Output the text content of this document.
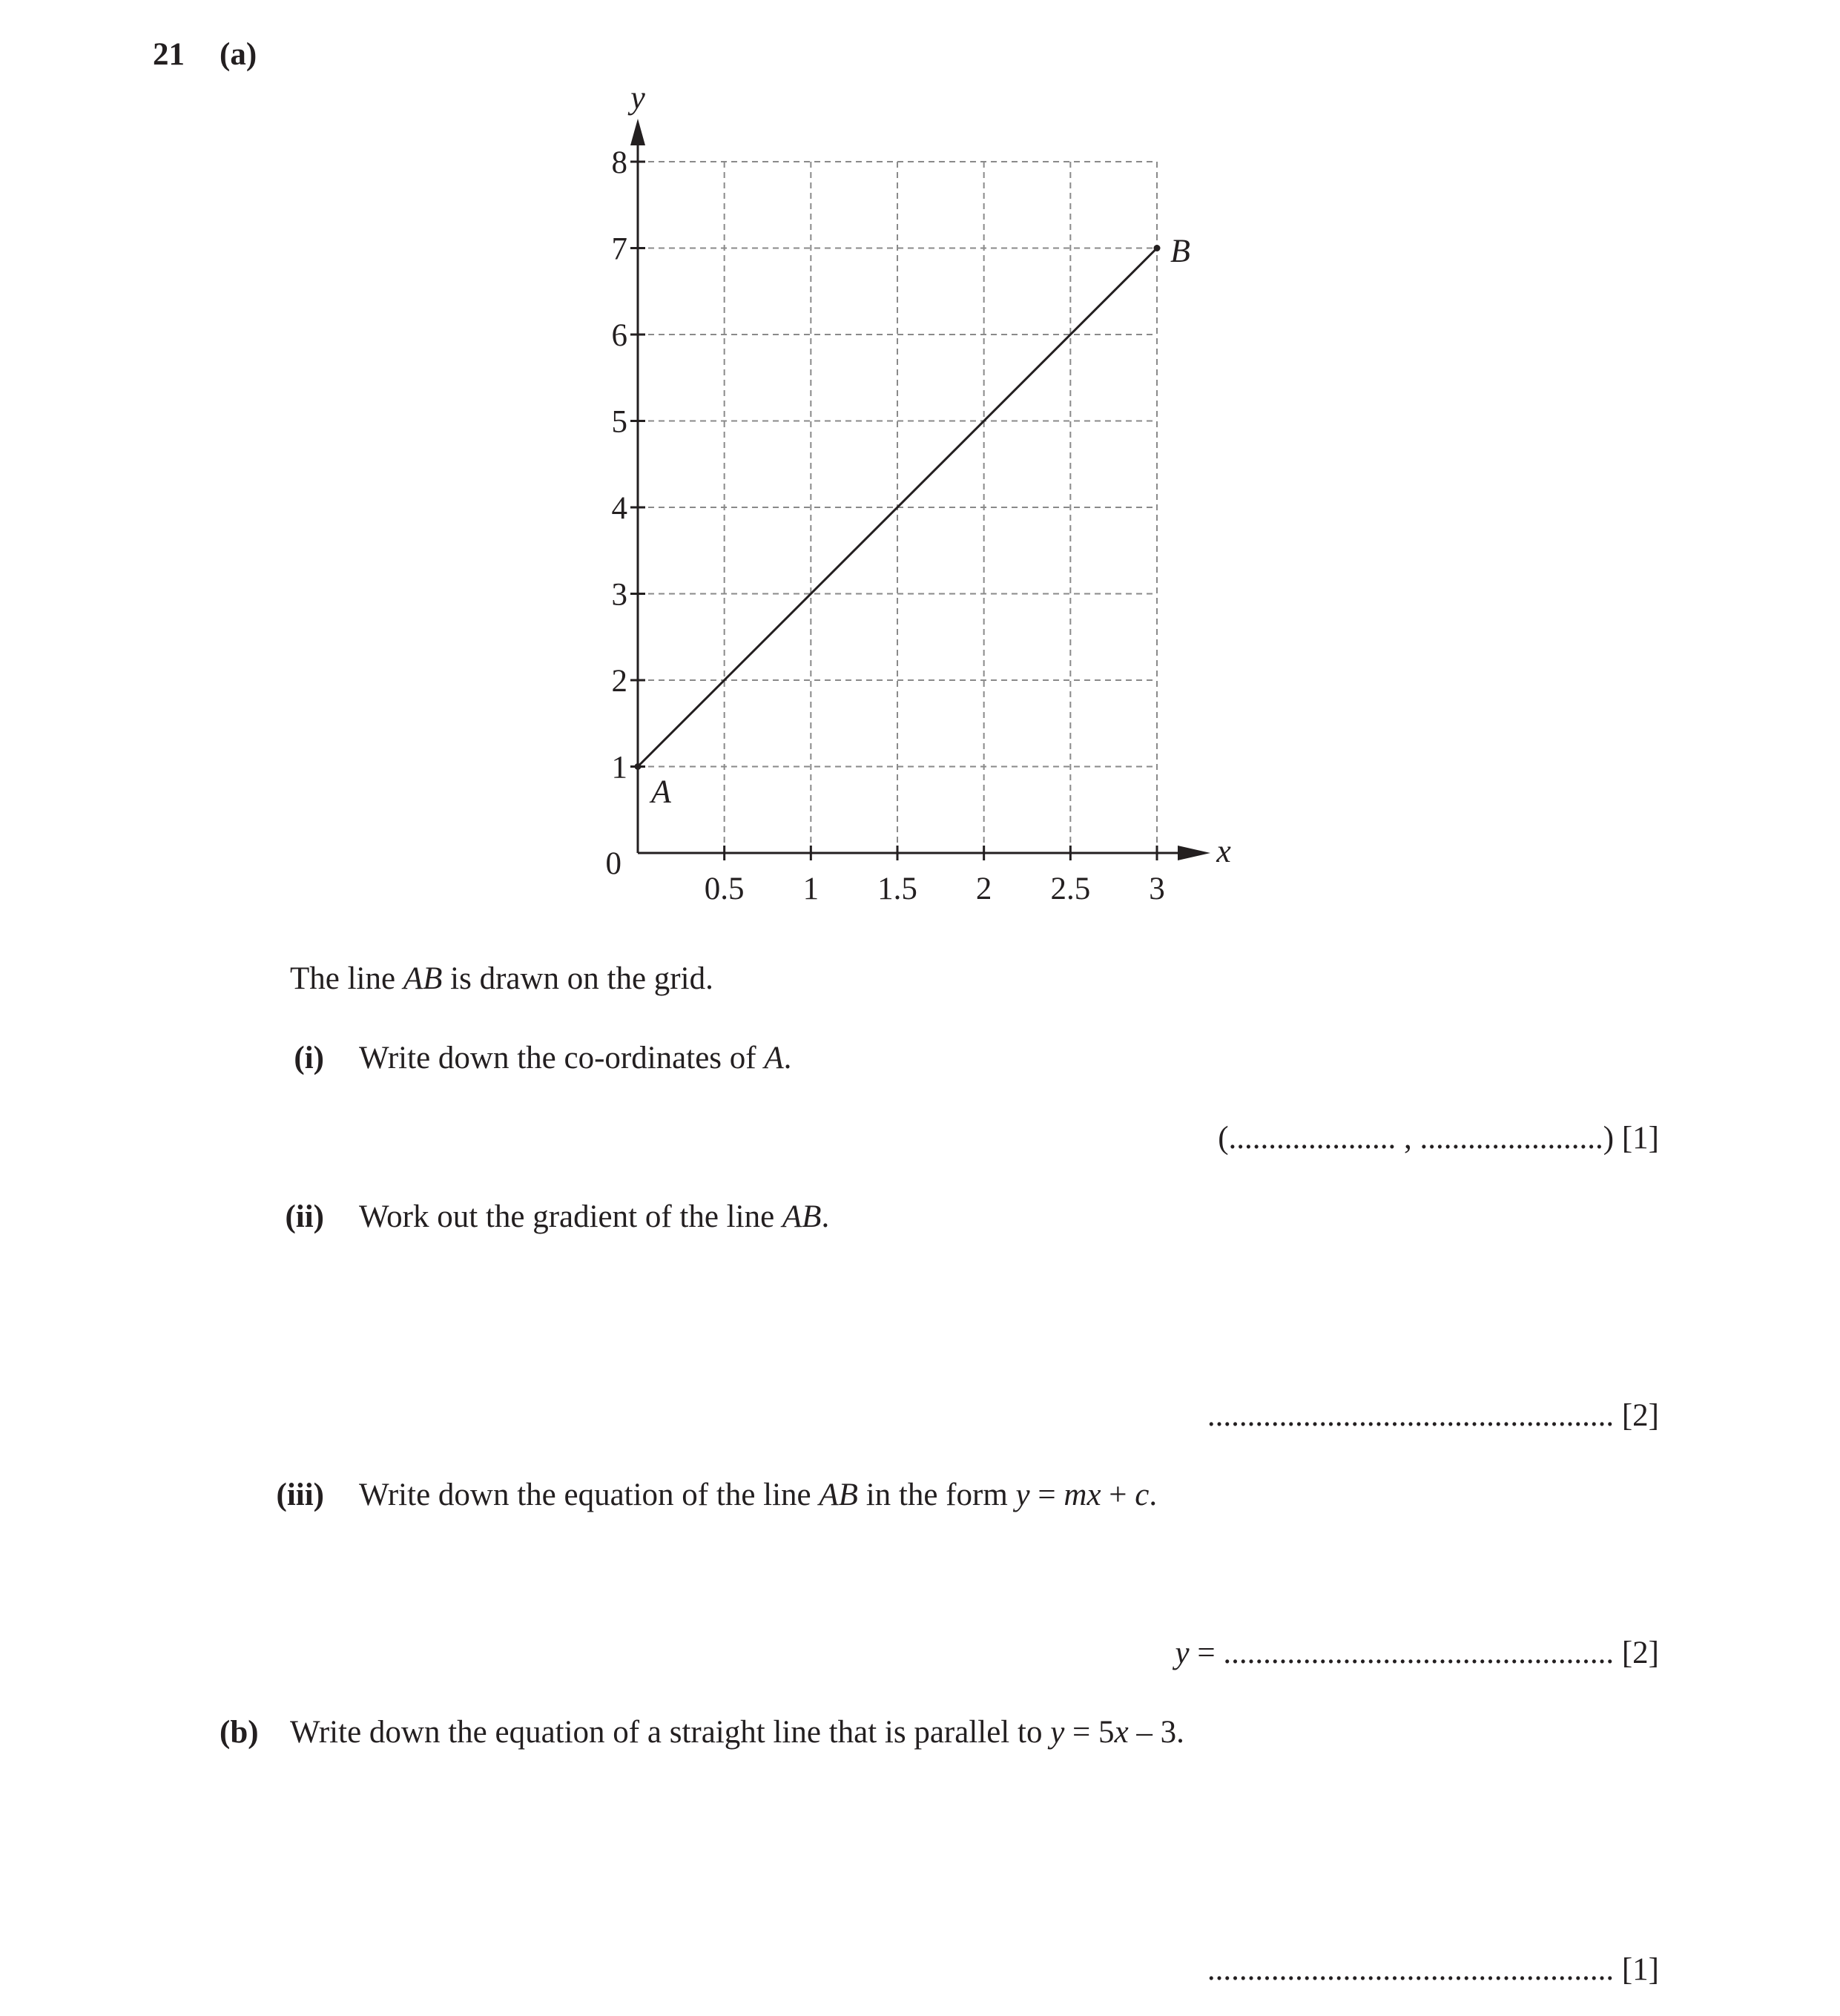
21 (a)
A
B
0.5 1 1.5 2 2.5 3
1
2
3
4
5
6
7
8
0	x
y
The line AB is drawn on the grid.
(i) Write down the co-ordinates of A.
(..................... , .......................) [1]
(ii) Work out the gradient of the line AB.
................................................... [2]
(iii) Write down the equation of the line AB in the form y = mx + c.
y = ................................................. [2]
(b) Write down the equation of a straight line that is parallel to y = 5x – 3.
................................................... [1]
